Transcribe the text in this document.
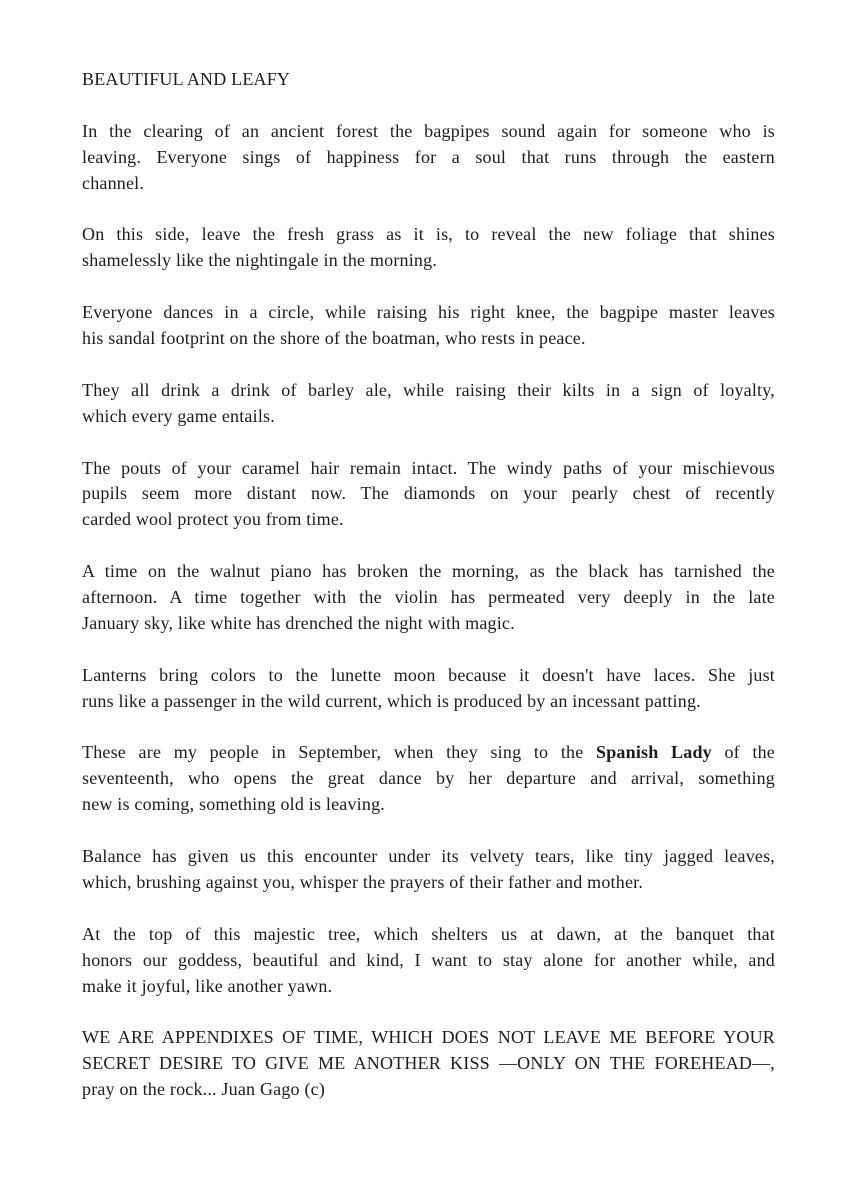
BEAUTIFUL AND LEAFY
In the clearing of an ancient forest the bagpipes sound again for someone who is
leaving. Everyone sings of happiness for a soul that runs through the eastern
channel.
On this side, leave the fresh grass as it is, to reveal the new foliage that shines
shamelessly like the nightingale in the morning.
Everyone dances in a circle, while raising his right knee, the bagpipe master leaves
his sandal footprint on the shore of the boatman, who rests in peace.
They all drink a drink of barley ale, while raising their kilts in a sign of loyalty,
which every game entails.
The pouts of your caramel hair remain intact. The windy paths of your mischievous
pupils seem more distant now. The diamonds on your pearly chest of recently
carded wool protect you from time.
A time on the walnut piano has broken the morning, as the black has tarnished the
afternoon. A time together with the violin has permeated very deeply in the late
January sky, like white has drenched the night with magic.
Lanterns bring colors to the lunette moon because it doesn't have laces. She just
runs like a passenger in the wild current, which is produced by an incessant patting.
These are my people in September, when they sing to the Spanish Lady of the
seventeenth, who opens the great dance by her departure and arrival, something
new is coming, something old is leaving.
Balance has given us this encounter under its velvety tears, like tiny jagged leaves,
which, brushing against you, whisper the prayers of their father and mother.
At the top of this majestic tree, which shelters us at dawn, at the banquet that
honors our goddess, beautiful and kind, I want to stay alone for another while, and
make it joyful, like another yawn.
WE ARE APPENDIXES OF TIME, WHICH DOES NOT LEAVE ME BEFORE YOUR
SECRET DESIRE TO GIVE ME ANOTHER KISS —ONLY ON THE FOREHEAD—,
pray on the rock... Juan Gago (c)
